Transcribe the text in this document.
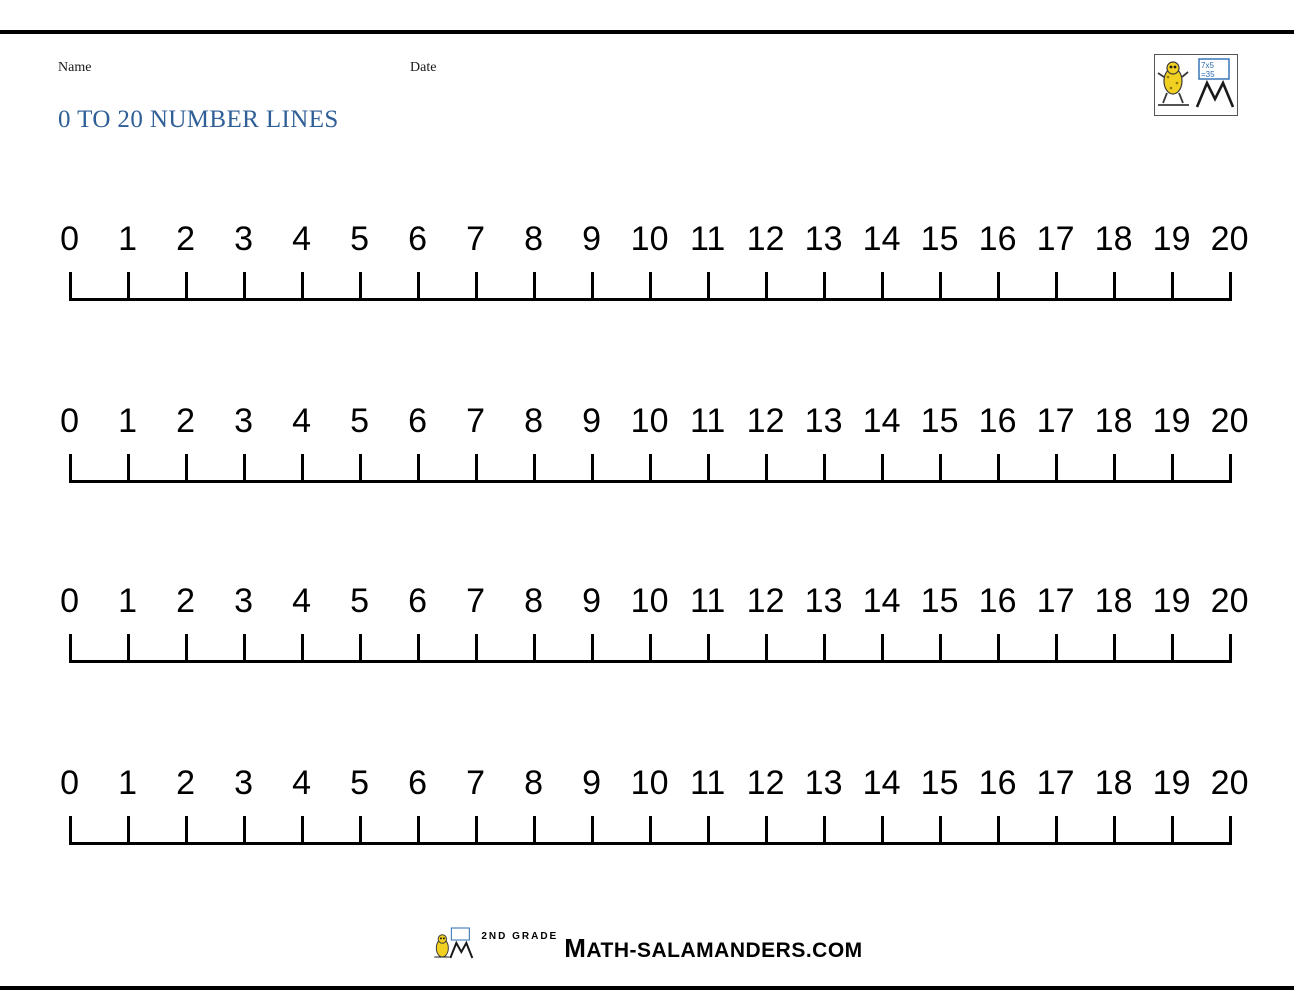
Name	Date
0 TO 20 NUMBER LINES
7x5
=35
0 1 2 3 4 5 6 7 8 9 10 11 12 13 14 15 16 17 18 19 20
0 1 2 3 4 5 6 7 8 9 10 11 12 13 14 15 16 17 18 19 20
0 1 2 3 4 5 6 7 8 9 10 11 12 13 14 15 16 17 18 19 20
0 1 2 3 4 5 6 7 8 9 10 11 12 13 14 15 16 17 18 19 20
2ND GRADE MATH-SALAMANDERS.COM
